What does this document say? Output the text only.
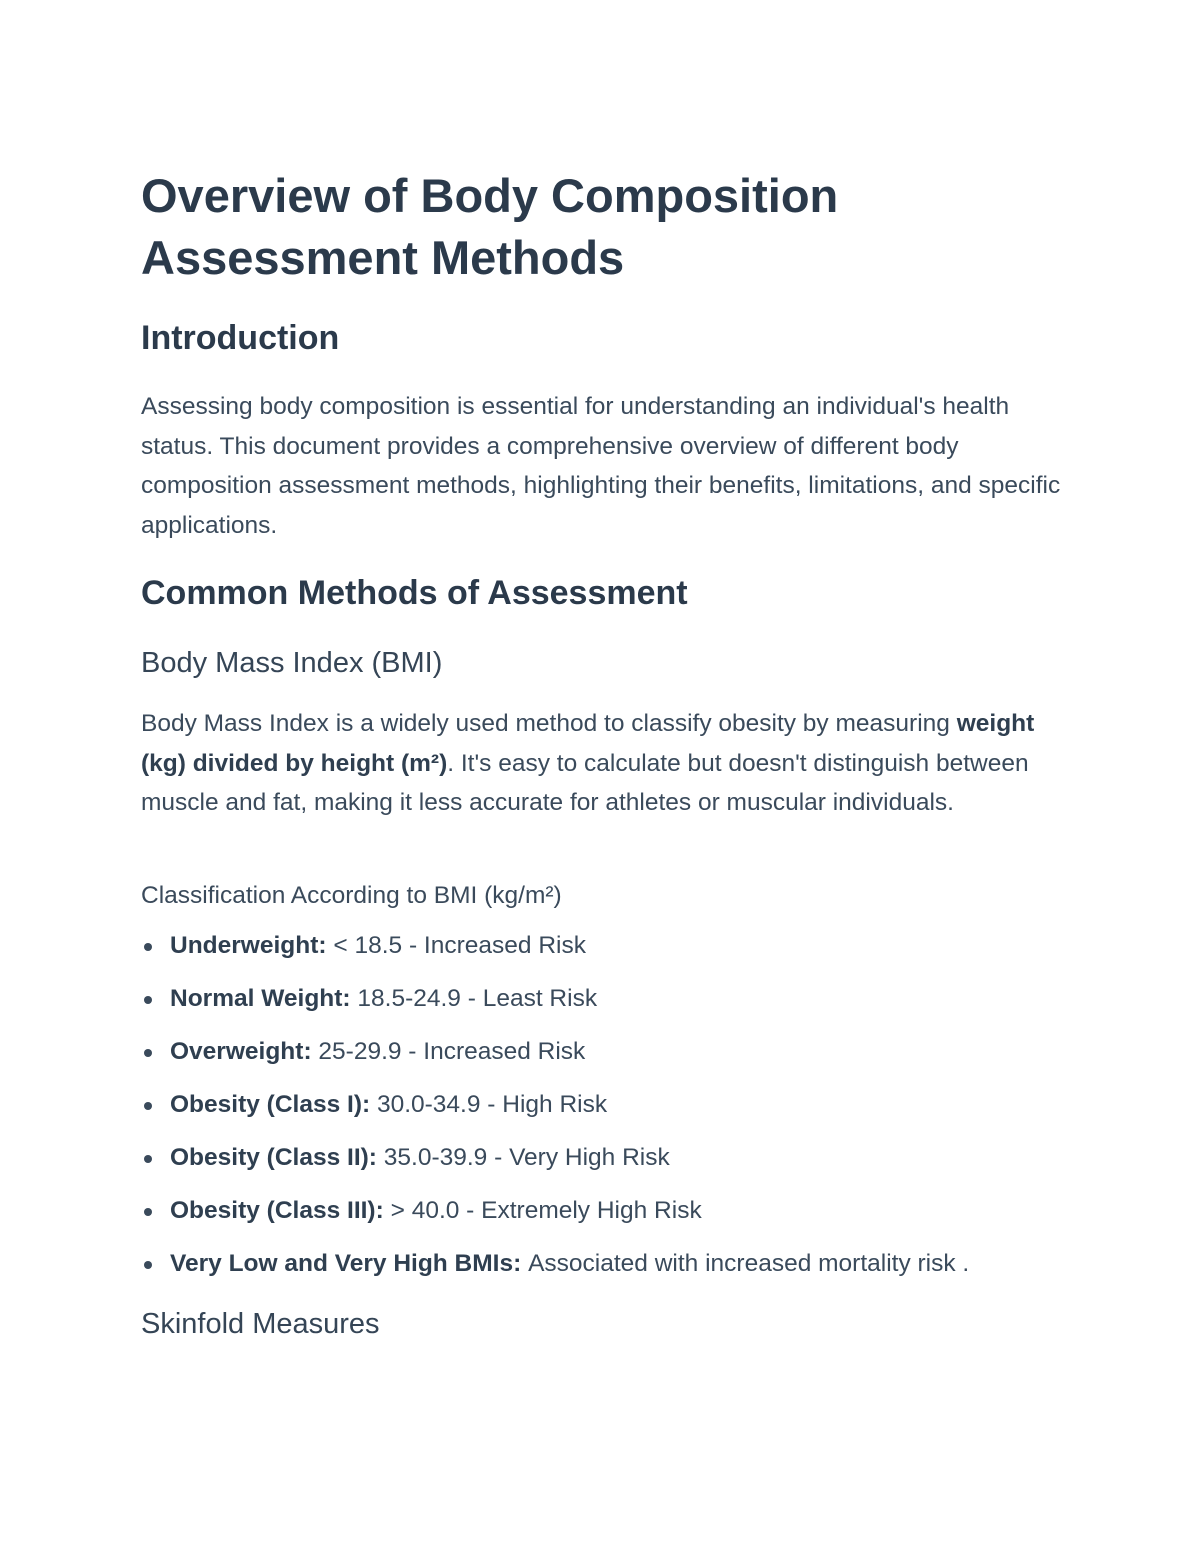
Overview of Body Composition Assessment Methods
Introduction

Assessing body composition is essential for understanding an individual's health status. This document provides a comprehensive overview of different body composition assessment methods, highlighting their benefits, limitations, and specific applications.

Common Methods of Assessment
Body Mass Index (BMI)

Body Mass Index is a widely used method to classify obesity by measuring weight (kg) divided by height (m²). It's easy to calculate but doesn't distinguish between muscle and fat, making it less accurate for athletes or muscular individuals.

Classification According to BMI (kg/m²)

Underweight: < 18.5 - Increased Risk
Normal Weight: 18.5-24.9 - Least Risk
Overweight: 25-29.9 - Increased Risk
Obesity (Class I): 30.0-34.9 - High Risk
Obesity (Class II): 35.0-39.9 - Very High Risk
Obesity (Class III): > 40.0 - Extremely High Risk
Very Low and Very High BMIs: Associated with increased mortality risk .
Skinfold Measures
